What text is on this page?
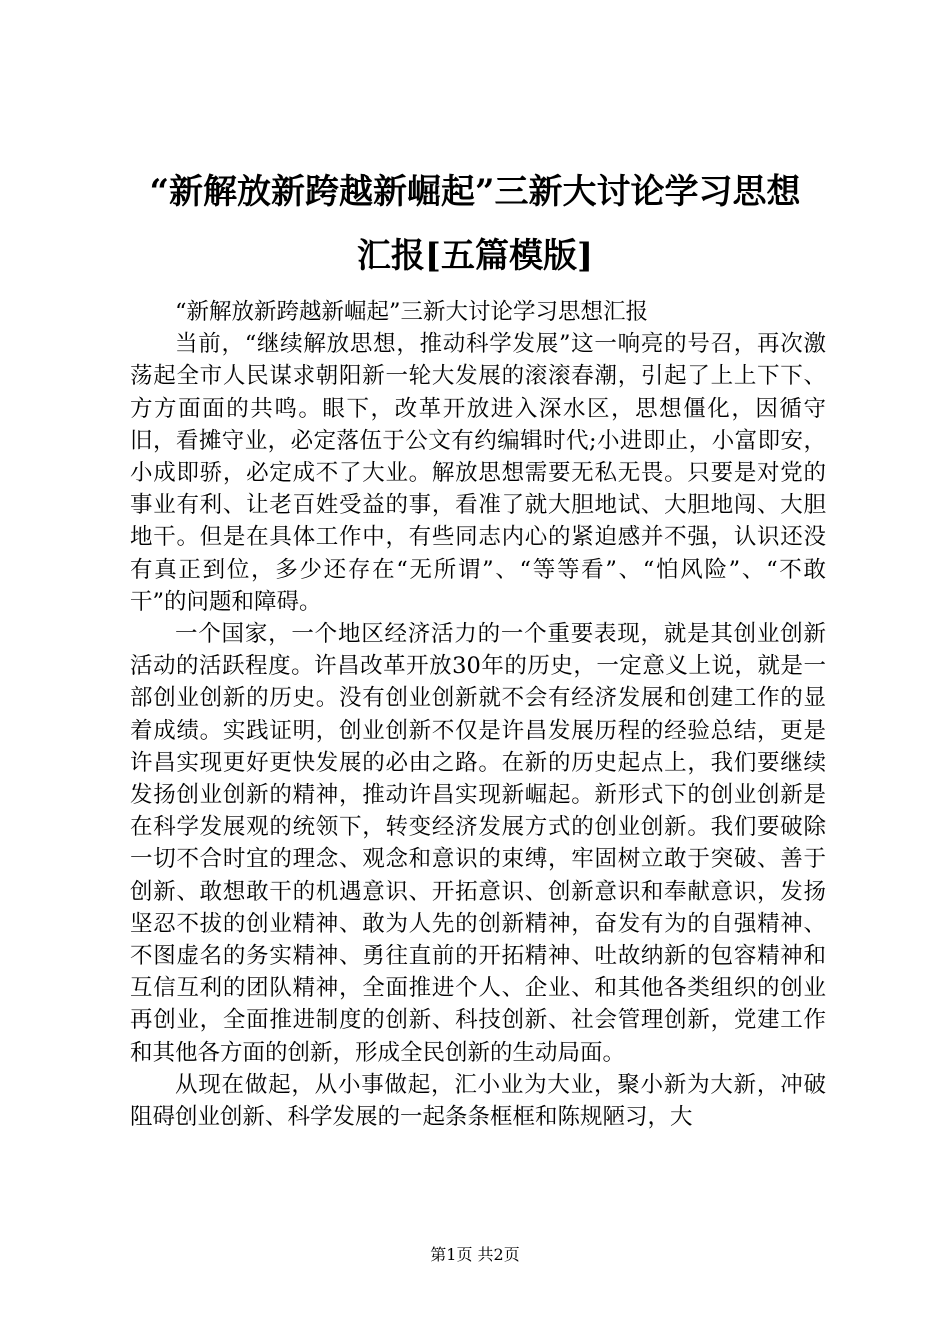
“新解放新跨越新崛起”三新大讨论学习思想
汇报[五篇模版]

“新解放新跨越新崛起”三新大讨论学习思想汇报

当前，“继续解放思想，推动科学发展”这一响亮的号召，再次激荡起全市人民谋求朝阳新一轮大发展的滚滚春潮，引起了上上下下、方方面面的共鸣。眼下，改革开放进入深水区，思想僵化，因循守旧，看摊守业，必定落伍于公文有约编辑时代;小进即止，小富即安，小成即骄，必定成不了大业。解放思想需要无私无畏。只要是对党的事业有利、让老百姓受益的事，看准了就大胆地试、大胆地闯、大胆地干。但是在具体工作中，有些同志内心的紧迫感并不强，认识还没有真正到位，多少还存在“无所谓”、“等等看”、“怕风险”、“不敢干”的问题和障碍。

一个国家，一个地区经济活力的一个重要表现，就是其创业创新活动的活跃程度。许昌改革开放30年的历史，一定意义上说，就是一部创业创新的历史。没有创业创新就不会有经济发展和创建工作的显着成绩。实践证明，创业创新不仅是许昌发展历程的经验总结，更是许昌实现更好更快发展的必由之路。在新的历史起点上，我们要继续发扬创业创新的精神，推动许昌实现新崛起。新形式下的创业创新是在科学发展观的统领下，转变经济发展方式的创业创新。我们要破除一切不合时宜的理念、观念和意识的束缚，牢固树立敢于突破、善于创新、敢想敢干的机遇意识、开拓意识、创新意识和奉献意识，发扬坚忍不拔的创业精神、敢为人先的创新精神，奋发有为的自强精神、不图虚名的务实精神、勇往直前的开拓精神、吐故纳新的包容精神和互信互利的团队精神，全面推进个人、企业、和其他各类组织的创业再创业，全面推进制度的创新、科技创新、社会管理创新，党建工作和其他各方面的创新，形成全民创新的生动局面。

从现在做起，从小事做起，汇小业为大业，聚小新为大新，冲破阻碍创业创新、科学发展的一起条条框框和陈规陋习，大

第1页 共2页
